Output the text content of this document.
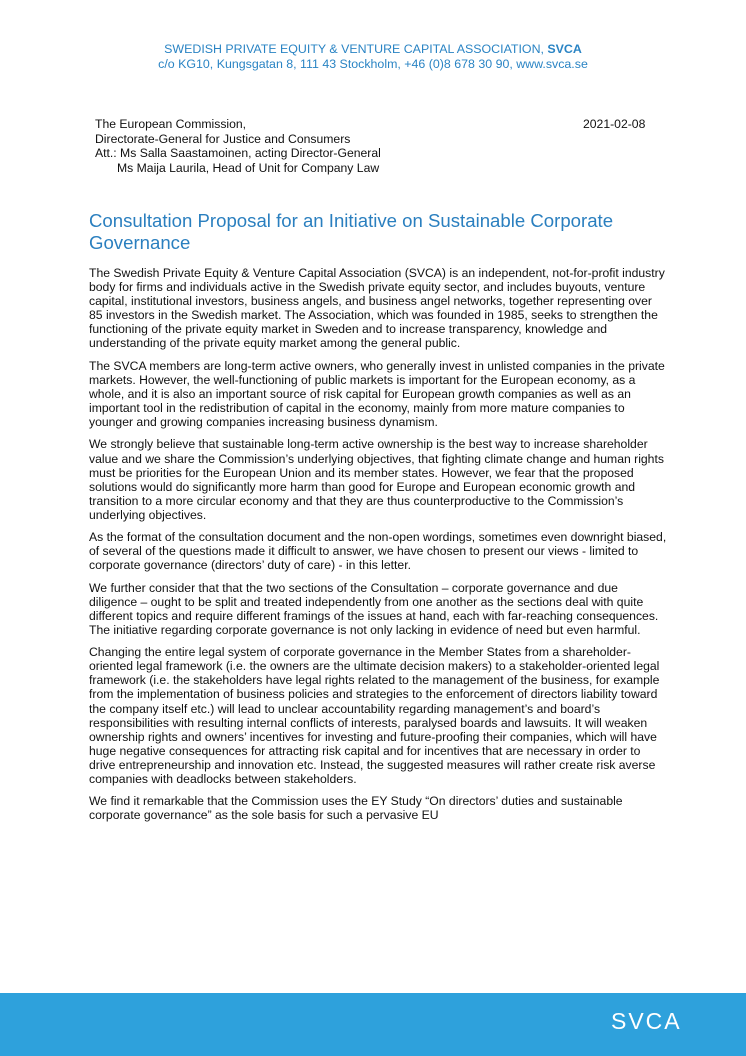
SWEDISH PRIVATE EQUITY & VENTURE CAPITAL ASSOCIATION, SVCA
c/o KG10, Kungsgatan 8, 111 43 Stockholm, +46 (0)8 678 30 90, www.svca.se
The European Commission,
Directorate-General for Justice and Consumers
Att.: Ms Salla Saastamoinen, acting Director-General
Ms Maija Laurila, Head of Unit for Company Law
2021-02-08
Consultation Proposal for an Initiative on Sustainable Corporate Governance

The Swedish Private Equity & Venture Capital Association (SVCA) is an independent, not-for-profit industry body for firms and individuals active in the Swedish private equity sector, and includes buyouts, venture capital, institutional investors, business angels, and business angel networks, together representing over 85 investors in the Swedish market. The Association, which was founded in 1985, seeks to strengthen the functioning of the private equity market in Sweden and to increase transparency, knowledge and understanding of the private equity market among the general public.

The SVCA members are long-term active owners, who generally invest in unlisted companies in the private markets. However, the well-functioning of public markets is important for the European economy, as a whole, and it is also an important source of risk capital for European growth companies as well as an important tool in the redistribution of capital in the economy, mainly from more mature companies to younger and growing companies increasing business dynamism.

We strongly believe that sustainable long-term active ownership is the best way to increase shareholder value and we share the Commission’s underlying objectives, that fighting climate change and human rights must be priorities for the European Union and its member states. However, we fear that the proposed solutions would do significantly more harm than good for Europe and European economic growth and transition to a more circular economy and that they are thus counterproductive to the Commission’s underlying objectives.

As the format of the consultation document and the non-open wordings, sometimes even downright biased, of several of the questions made it difficult to answer, we have chosen to present our views - limited to corporate governance (directors’ duty of care) - in this letter.

We further consider that that the two sections of the Consultation – corporate governance and due diligence – ought to be split and treated independently from one another as the sections deal with quite different topics and require different framings of the issues at hand, each with far-reaching consequences. The initiative regarding corporate governance is not only lacking in evidence of need but even harmful.

Changing the entire legal system of corporate governance in the Member States from a shareholder-oriented legal framework (i.e. the owners are the ultimate decision makers) to a stakeholder-oriented legal framework (i.e. the stakeholders have legal rights related to the management of the business, for example from the implementation of business policies and strategies to the enforcement of directors liability toward the company itself etc.) will lead to unclear accountability regarding management’s and board’s responsibilities with resulting internal conflicts of interests, paralysed boards and lawsuits. It will weaken ownership rights and owners’ incentives for investing and future-proofing their companies, which will have huge negative consequences for attracting risk capital and for incentives that are necessary in order to drive entrepreneurship and innovation etc. Instead, the suggested measures will rather create risk averse companies with deadlocks between stakeholders.

We find it remarkable that the Commission uses the EY Study “On directors’ duties and sustainable corporate governance” as the sole basis for such a pervasive EU

SVCA
